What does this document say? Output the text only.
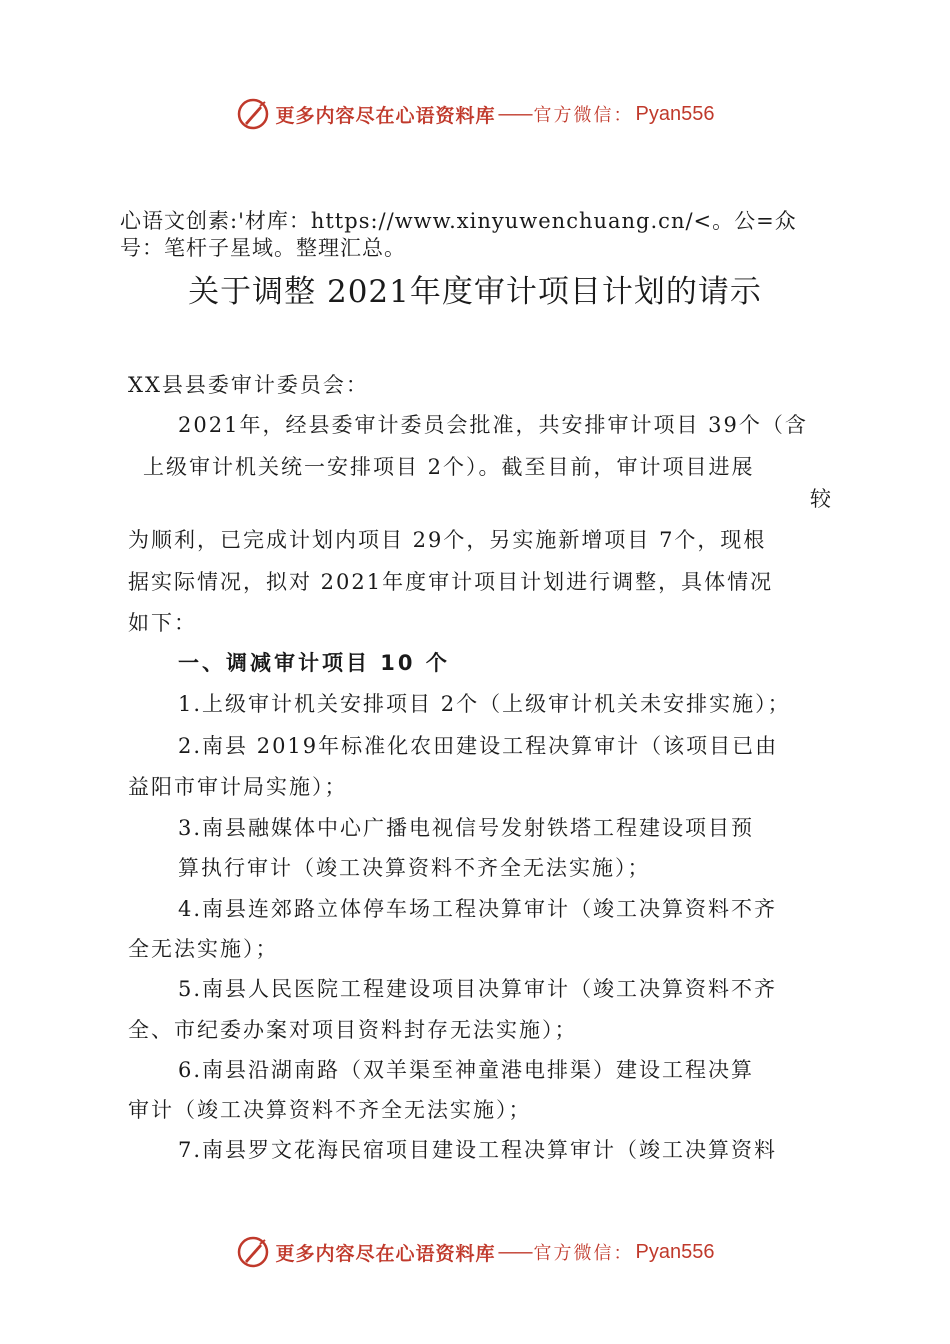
更多内容尽在心语资料库 —— 官方微信： Pyan556
心语文创素:'材库：https://www.xinyuwenchuang.cn/<。公=众号：笔杆子星域。整理汇总。
关于调整 2021年度审计项目计划的请示
XX县县委审计委员会：
2021年，经县委审计委员会批准，共安排审计项目 39个（含
上级审计机关统一安排项目 2个）。截至目前，审计项目进展
较
为顺利，已完成计划内项目 29个，另实施新增项目 7个，现根
据实际情况，拟对 2021年度审计项目计划进行调整，具体情况
如下：
一、调减审计项目 10 个
1.上级审计机关安排项目 2个（上级审计机关未安排实施）；
2.南县 2019年标准化农田建设工程决算审计（该项目已由
益阳市审计局实施）；
3.南县融媒体中心广播电视信号发射铁塔工程建设项目预
算执行审计（竣工决算资料不齐全无法实施）；
4.南县连郊路立体停车场工程决算审计（竣工决算资料不齐
全无法实施）；
5.南县人民医院工程建设项目决算审计（竣工决算资料不齐
全、市纪委办案对项目资料封存无法实施）；
6.南县沿湖南路（双羊渠至神童港电排渠）建设工程决算
审计（竣工决算资料不齐全无法实施）；
7.南县罗文花海民宿项目建设工程决算审计（竣工决算资料
更多内容尽在心语资料库 —— 官方微信： Pyan556
